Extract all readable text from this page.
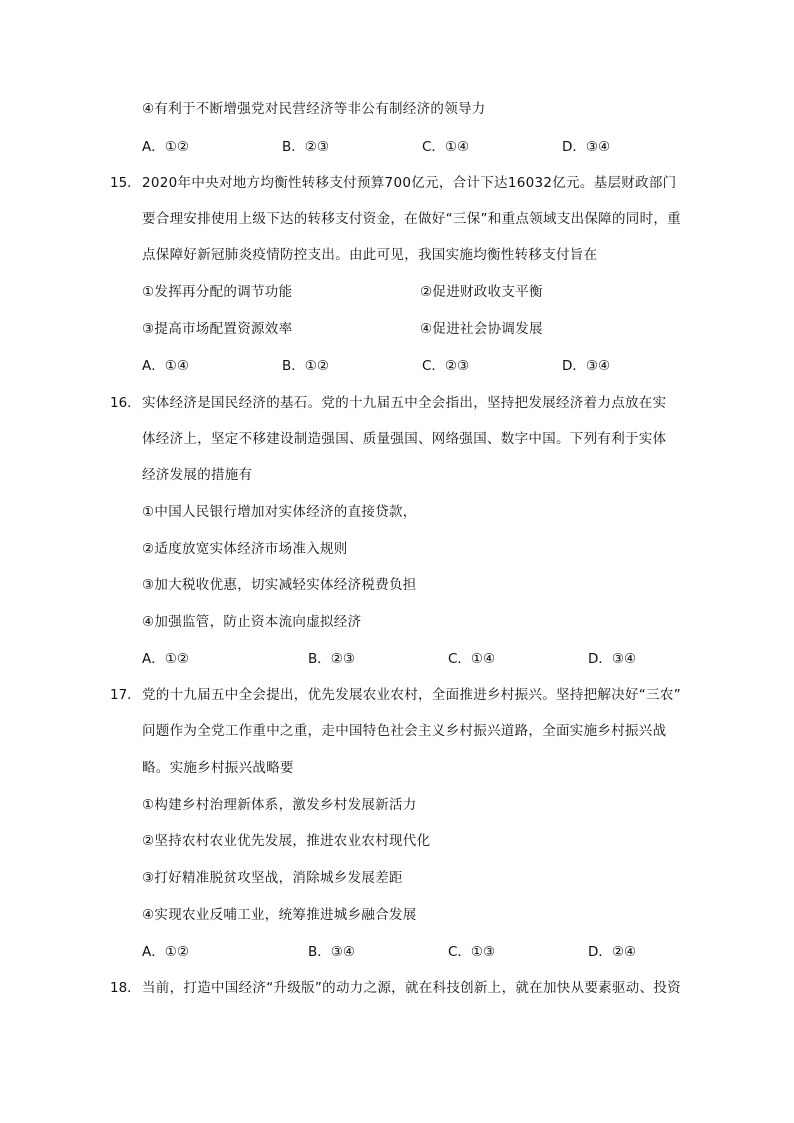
④有利于不断增强党对民营经济等非公有制经济的领导力
A．①②	B．②③	C．①④	D．③④
15． 2020年中央对地方均衡性转移支付预算700亿元，合计下达16032亿元。基层财政部门
要合理安排使用上级下达的转移支付资金，在做好“三保”和重点领域支出保障的同时，重
点保障好新冠肺炎疫情防控支出。由此可见，我国实施均衡性转移支付旨在
①发挥再分配的调节功能	②促进财政收支平衡
③提高市场配置资源效率	④促进社会协调发展
A．①④	B．①②	C．②③	D．③④
16． 实体经济是国民经济的基石。党的十九届五中全会指出，坚持把发展经济着力点放在实
体经济上，坚定不移建设制造强国、质量强国、网络强国、数字中国。下列有利于实体
经济发展的措施有
①中国人民银行增加对实体经济的直接贷款，
②适度放宽实体经济市场准入规则
③加大税收优惠，切实减轻实体经济税费负担
④加强监管，防止资本流向虚拟经济
A．①②	B．②③	C．①④	D．③④
17． 党的十九届五中全会提出，优先发展农业农村，全面推进乡村振兴。坚持把解决好“三农”
问题作为全党工作重中之重，走中国特色社会主义乡村振兴道路，全面实施乡村振兴战
略。实施乡村振兴战略要
①构建乡村治理新体系，激发乡村发展新活力
②坚持农村农业优先发展，推进农业农村现代化
③打好精准脱贫攻坚战，消除城乡发展差距
④实现农业反哺工业，统筹推进城乡融合发展
A．①②	B．③④	C．①③	D．②④
18． 当前，打造中国经济“升级版”的动力之源，就在科技创新上，就在加快从要素驱动、投资
